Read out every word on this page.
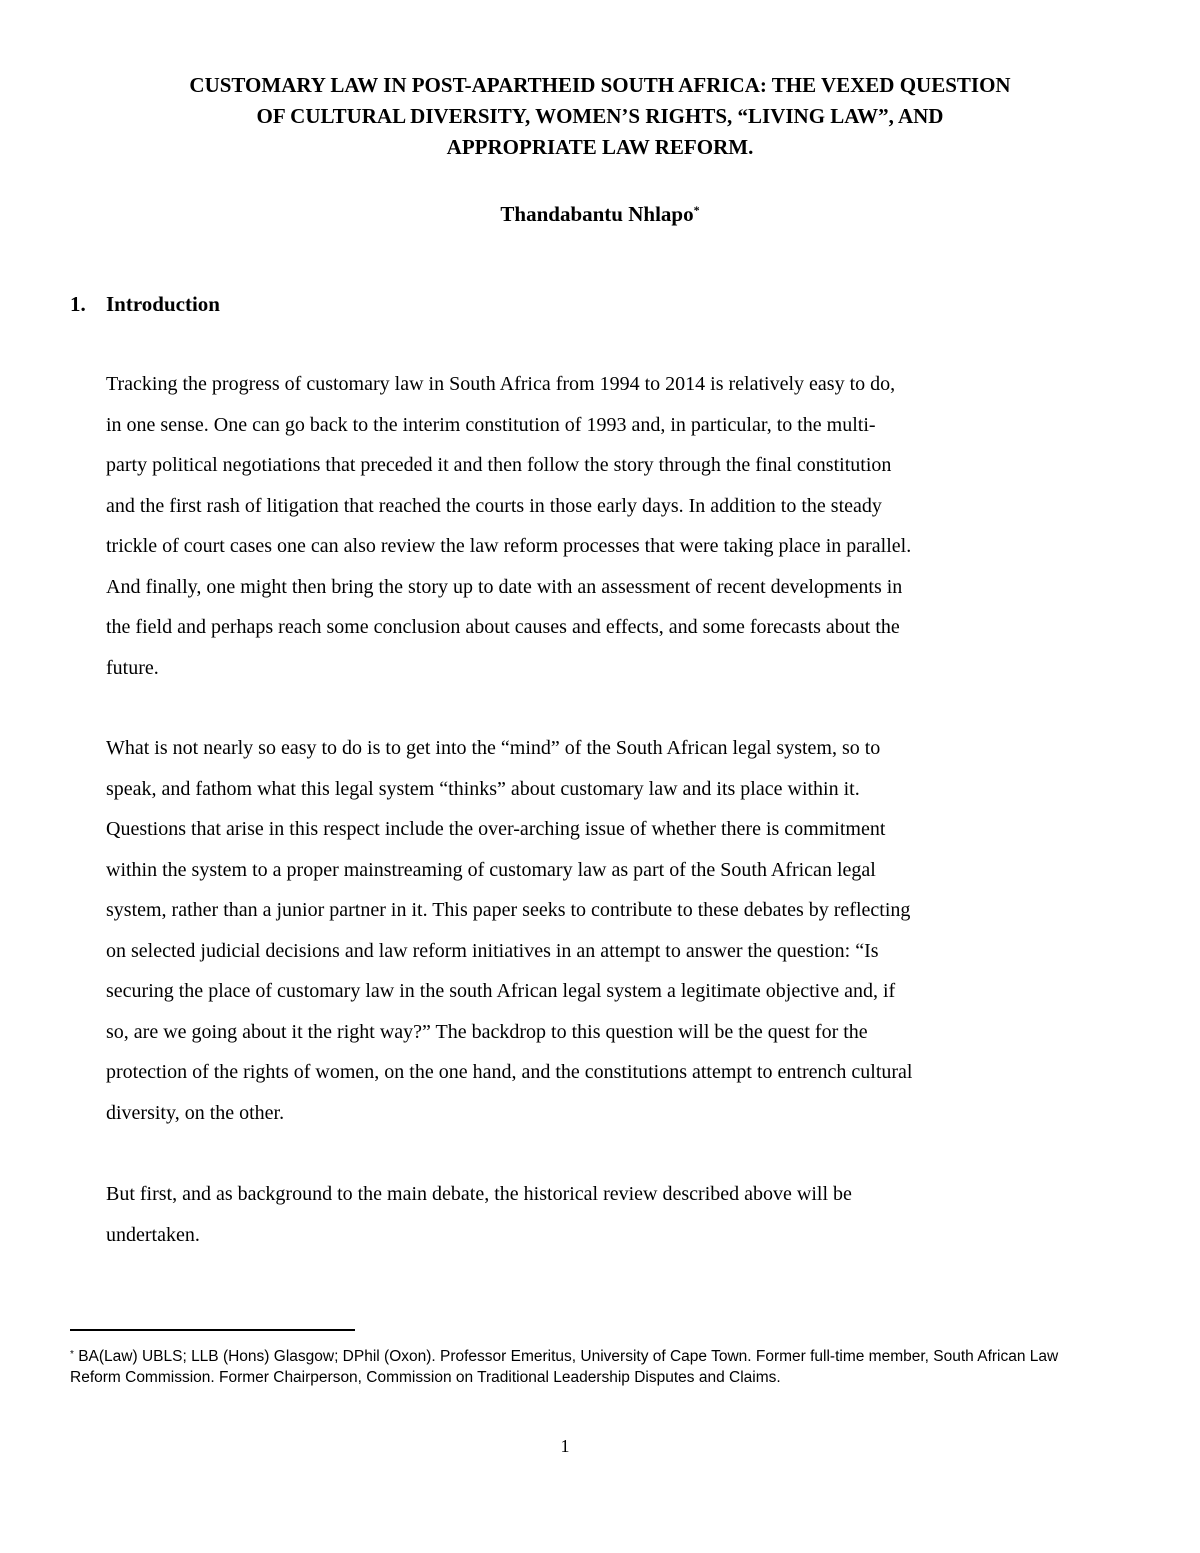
CUSTOMARY LAW IN POST-APARTHEID SOUTH AFRICA: THE VEXED QUESTION
OF CULTURAL DIVERSITY, WOMEN’S RIGHTS, “LIVING LAW”, AND
APPROPRIATE LAW REFORM.
Thandabantu Nhlapo*
1. Introduction

Tracking the progress of customary law in South Africa from 1994 to 2014 is relatively easy to do,
in one sense. One can go back to the interim constitution of 1993 and, in particular, to the multi-
party political negotiations that preceded it and then follow the story through the final constitution
and the first rash of litigation that reached the courts in those early days. In addition to the steady
trickle of court cases one can also review the law reform processes that were taking place in parallel.
And finally, one might then bring the story up to date with an assessment of recent developments in
the field and perhaps reach some conclusion about causes and effects, and some forecasts about the
future.

What is not nearly so easy to do is to get into the “mind” of the South African legal system, so to
speak, and fathom what this legal system “thinks” about customary law and its place within it.
Questions that arise in this respect include the over-arching issue of whether there is commitment
within the system to a proper mainstreaming of customary law as part of the South African legal
system, rather than a junior partner in it. This paper seeks to contribute to these debates by reflecting
on selected judicial decisions and law reform initiatives in an attempt to answer the question: “Is
securing the place of customary law in the south African legal system a legitimate objective and, if
so, are we going about it the right way?” The backdrop to this question will be the quest for the
protection of the rights of women, on the one hand, and the constitutions attempt to entrench cultural
diversity, on the other.

But first, and as background to the main debate, the historical review described above will be
undertaken.

* BA(Law) UBLS; LLB (Hons) Glasgow; DPhil (Oxon). Professor Emeritus, University of Cape Town. Former full-time member, South African Law Reform Commission. Former Chairperson, Commission on Traditional Leadership Disputes and Claims.
1
